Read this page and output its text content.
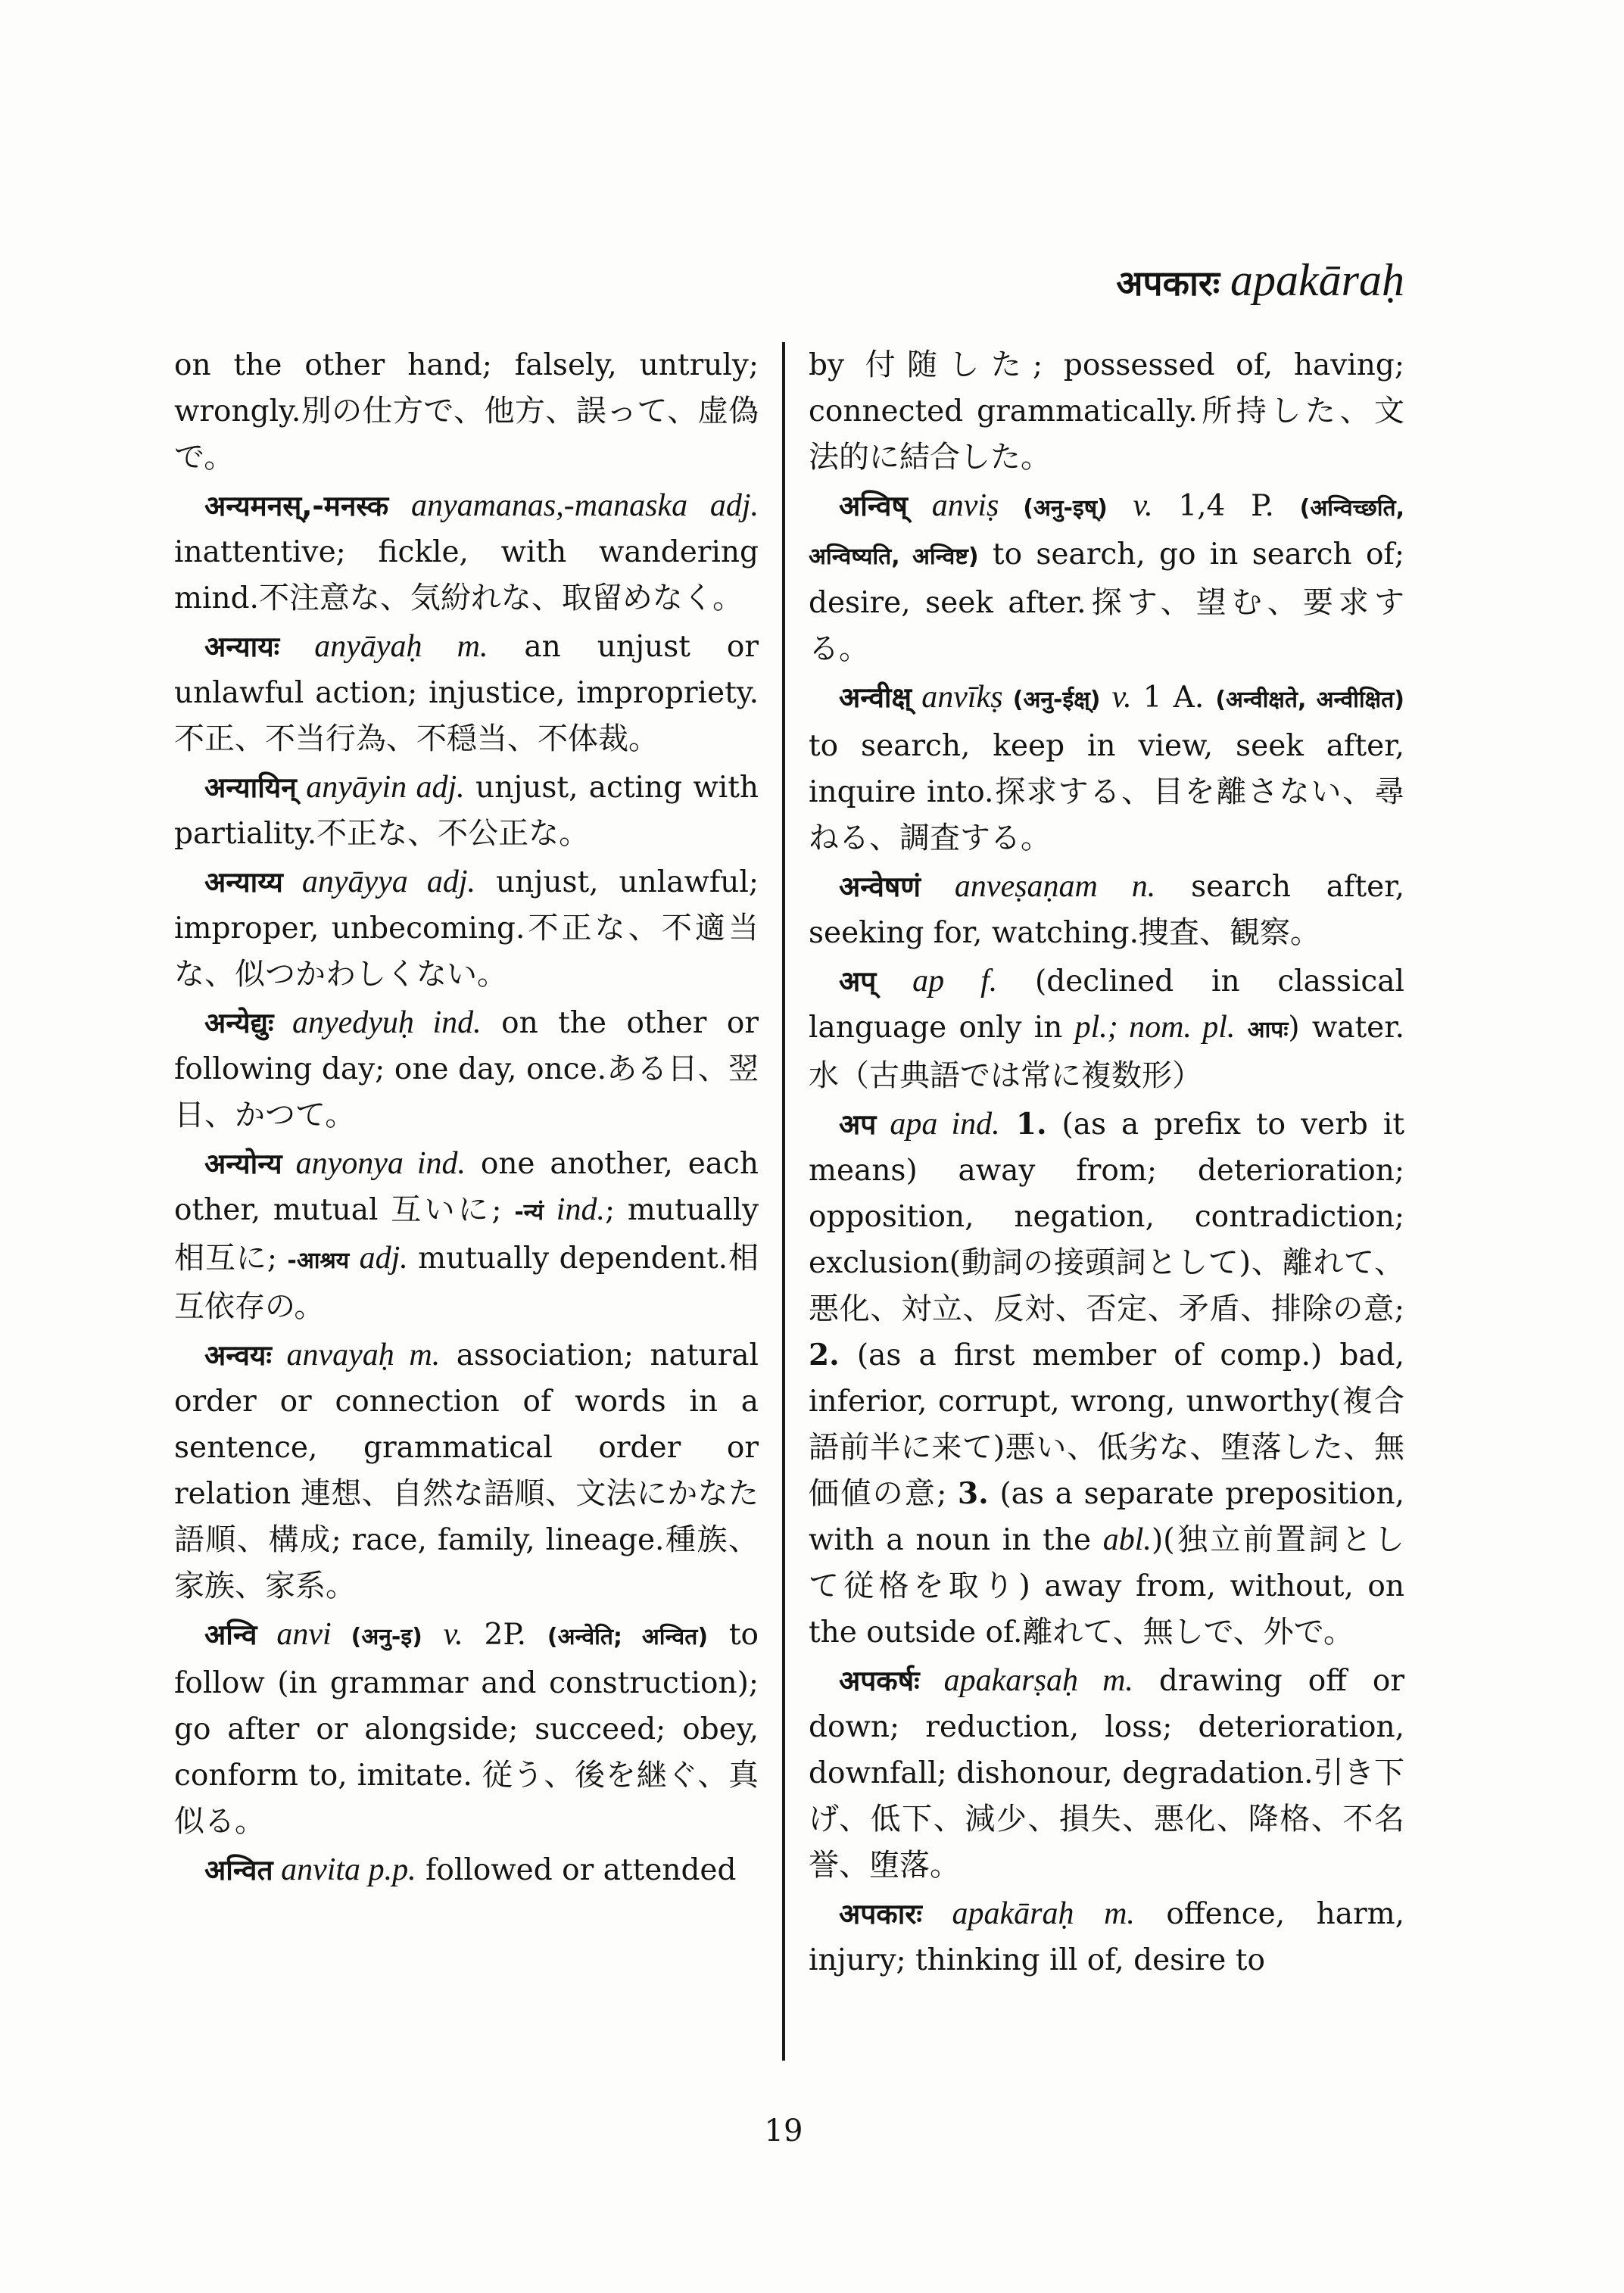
अपकारः apakāraḥ

on the other hand; falsely, untruly; wrongly.別の仕方で、他方、誤って、虚偽で。

अन्यमनस्,-मनस्क anyamanas,-manaska adj. inattentive; fickle, with wandering mind.不注意な、気紛れな、取留めなく。

अन्यायः anyāyaḥ m. an unjust or unlawful action; injustice, impropriety.不正、不当行為、不穏当、不体裁。

अन्यायिन् anyāyin adj. unjust, acting with partiality.不正な、不公正な。

अन्याय्य anyāyya adj. unjust, unlawful; improper, unbecoming.不正な、不適当な、似つかわしくない。

अन्येद्युः anyedyuḥ ind. on the other or following day; one day, once.ある日、翌日、かつて。

अन्योन्य anyonya ind. one another, each other, mutual 互いに; -न्यं ind.; mutually 相互に; -आश्रय adj. mutually dependent.相互依存の。

अन्वयः anvayaḥ m. association; natural order or connection of words in a sentence, grammatical order or relation 連想、自然な語順、文法にかなた語順、構成; race, family, lineage.種族、家族、家系。

अन्वि anvi (अनु-इ) v. 2P. (अन्वेति; अन्वित) to follow (in grammar and construction); go after or alongside; succeed; obey, conform to, imitate. 従う、後を継ぐ、真似る。

अन्वित anvita p.p. followed or attended

by 付随した; possessed of, having; connected grammatically.所持した、文法的に結合した。

अन्विष् anviṣ (अनु-इष्) v. 1,4 P. (अन्विच्छति, अन्विष्यति, अन्विष्ट) to search, go in search of; desire, seek after.探す、望む、要求する。

अन्वीक्ष् anvīkṣ (अनु-ईक्ष्) v. 1 A. (अन्वीक्षते, अन्वीक्षित) to search, keep in view, seek after, inquire into.探求する、目を離さない、尋ねる、調査する。

अन्वेषणं anveṣaṇam n. search after, seeking for, watching.捜査、観察。

अप् ap f. (declined in classical language only in pl.; nom. pl. आपः) water. 水（古典語では常に複数形）

अप apa ind. 1. (as a prefix to verb it means) away from; deterioration; opposition, negation, contradiction; exclusion(動詞の接頭詞として)、離れて、悪化、対立、反対、否定、矛盾、排除の意; 2. (as a first member of comp.) bad, inferior, corrupt, wrong, unworthy(複合語前半に来て)悪い、低劣な、堕落した、無価値の意; 3. (as a separate preposition, with a noun in the abl.)(独立前置詞として従格を取り) away from, without, on the outside of.離れて、無しで、外で。

अपकर्षः apakarṣaḥ m. drawing off or down; reduction, loss; deterioration, downfall; dishonour, degradation.引き下げ、低下、減少、損失、悪化、降格、不名誉、堕落。

अपकारः apakāraḥ m. offence, harm, injury; thinking ill of, desire to

19
